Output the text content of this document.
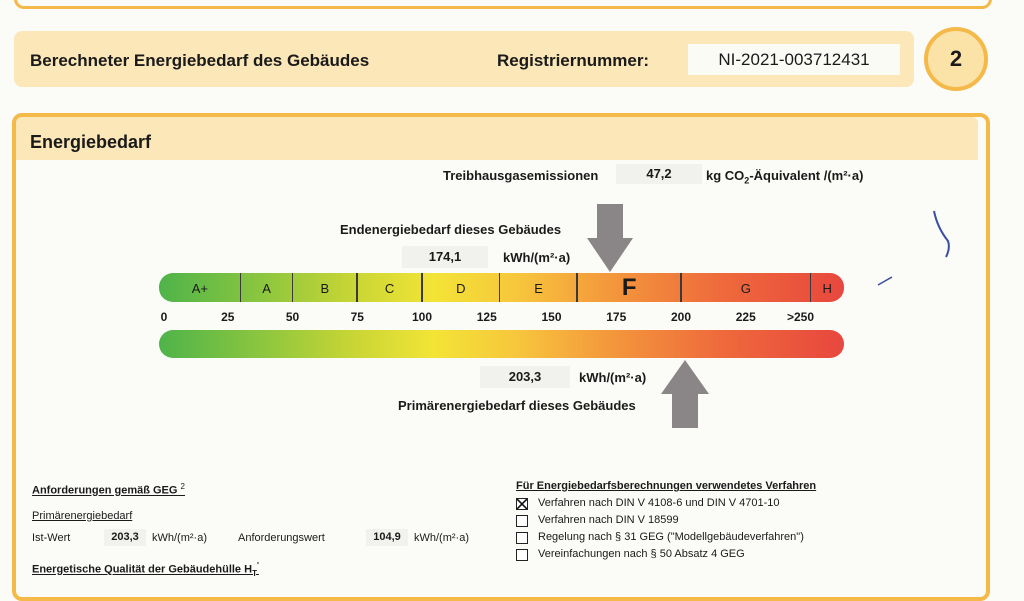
Berechneter Energiebedarf des Gebäudes	Registriernummer:	NI-2021-003712431	2
Energiebedarf
Treibhausgasemissionen	47,2	kg $CO_2$-Äquivalent /(m²·a)
Endenergiebedarf dieses Gebäudes
174,1	kWh/(m²·a)
A+	A	B	C	D	E	F	G	H
0	25	50	75	100	125	150	175	200	225	>250
203,3	kWh/(m²·a)
Primärenergiebedarf dieses Gebäudes
Anforderungen gemäß GEG $^2$
Primärenergiebedarf
Ist-Wert	203,3	kWh/(m²·a)	Anforderungswert	104,9	kWh/(m²·a)
Energetische Qualität der Gebäudehülle $H_T'$
Für Energiebedarfsberechnungen verwendetes Verfahren
Verfahren nach DIN V 4108-6 und DIN V 4701-10
Verfahren nach DIN V 18599
Regelung nach § 31 GEG ("Modellgebäudeverfahren")
Vereinfachungen nach § 50 Absatz 4 GEG
